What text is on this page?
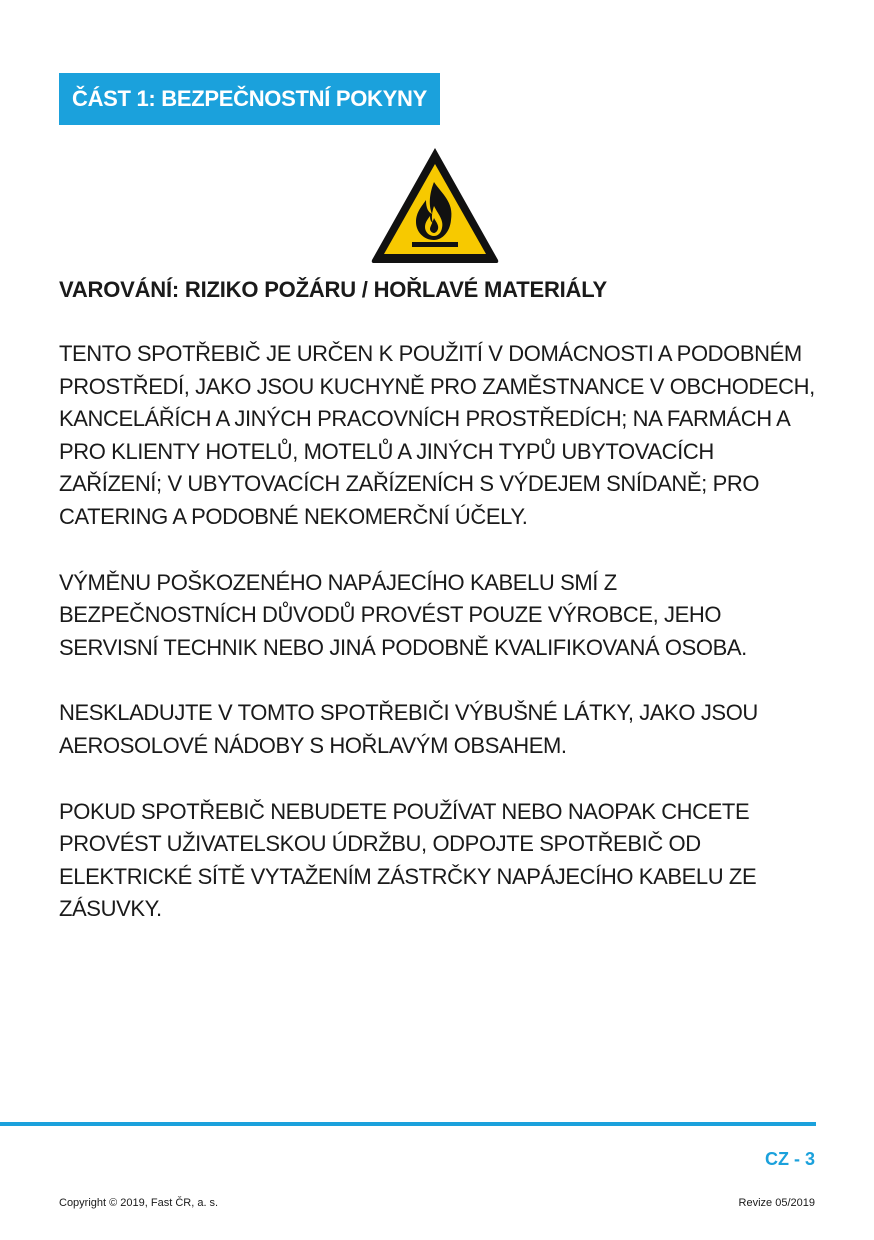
ČÁST 1: BEZPEČNOSTNÍ POKYNY
VAROVÁNÍ: RIZIKO POŽÁRU / HOŘLAVÉ MATERIÁLY

TENTO SPOTŘEBIČ JE URČEN K POUŽITÍ V DOMÁCNOSTI A PODOBNÉM PROSTŘEDÍ, JAKO JSOU KUCHYNĚ PRO ZAMĚSTNANCE V OBCHODECH, KANCELÁŘÍCH A JINÝCH PRACOVNÍCH PROSTŘEDÍCH; NA FARMÁCH A PRO KLIENTY HOTELŮ, MOTELŮ A JINÝCH TYPŮ UBYTOVACÍCH ZAŘÍZENÍ; V UBYTOVACÍCH ZAŘÍZENÍCH S VÝDEJEM SNÍDANĚ; PRO CATERING A PODOBNÉ NEKOMERČNÍ ÚČELY.

VÝMĚNU POŠKOZENÉHO NAPÁJECÍHO KABELU SMÍ Z BEZPEČNOSTNÍCH DŮVODŮ PROVÉST POUZE VÝROBCE, JEHO SERVISNÍ TECHNIK NEBO JINÁ PODOBNĚ KVALIFIKOVANÁ OSOBA.

NESKLADUJTE V TOMTO SPOTŘEBIČI VÝBUŠNÉ LÁTKY, JAKO JSOU AEROSOLOVÉ NÁDOBY S HOŘLAVÝM OBSAHEM.

POKUD SPOTŘEBIČ NEBUDETE POUŽÍVAT NEBO NAOPAK CHCETE PROVÉST UŽIVATELSKOU ÚDRŽBU, ODPOJTE SPOTŘEBIČ OD ELEKTRICKÉ SÍTĚ VYTAŽENÍM ZÁSTRČKY NAPÁJECÍHO KABELU ZE ZÁSUVKY.

CZ - 3
Copyright © 2019, Fast ČR, a. s.	Revize 05/2019
